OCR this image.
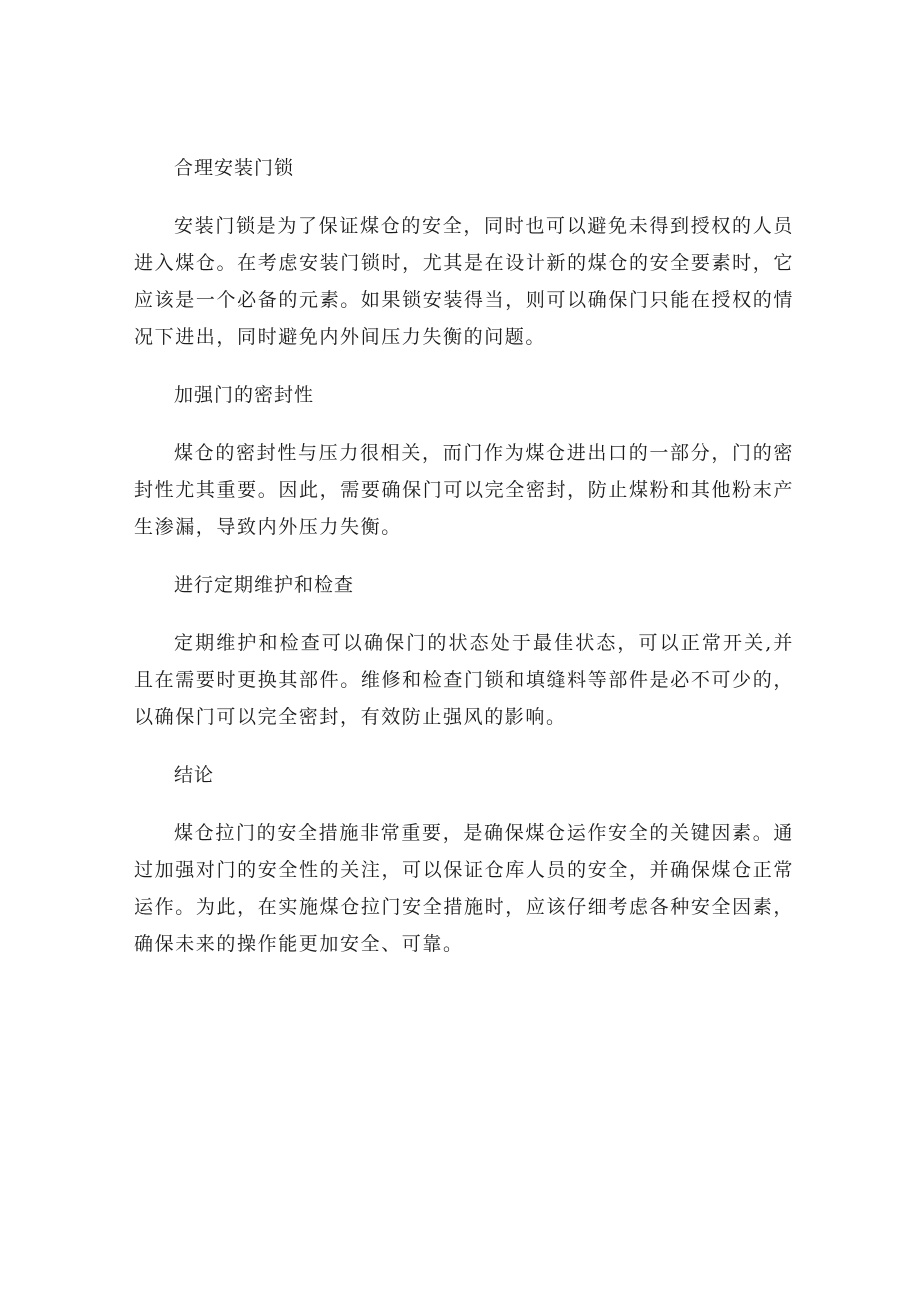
合理安装门锁

安装门锁是为了保证煤仓的安全，同时也可以避免未得到授权的人员进入煤仓。在考虑安装门锁时，尤其是在设计新的煤仓的安全要素时，它应该是一个必备的元素。如果锁安装得当，则可以确保门只能在授权的情况下进出，同时避免内外间压力失衡的问题。

加强门的密封性

煤仓的密封性与压力很相关，而门作为煤仓进出口的一部分，门的密封性尤其重要。因此，需要确保门可以完全密封，防止煤粉和其他粉末产生渗漏，导致内外压力失衡。

进行定期维护和检查

定期维护和检查可以确保门的状态处于最佳状态，可以正常开关,并且在需要时更换其部件。维修和检查门锁和填缝料等部件是必不可少的，以确保门可以完全密封，有效防止强风的影响。

结论

煤仓拉门的安全措施非常重要，是确保煤仓运作安全的关键因素。通过加强对门的安全性的关注，可以保证仓库人员的安全，并确保煤仓正常运作。为此，在实施煤仓拉门安全措施时，应该仔细考虑各种安全因素，确保未来的操作能更加安全、可靠。
